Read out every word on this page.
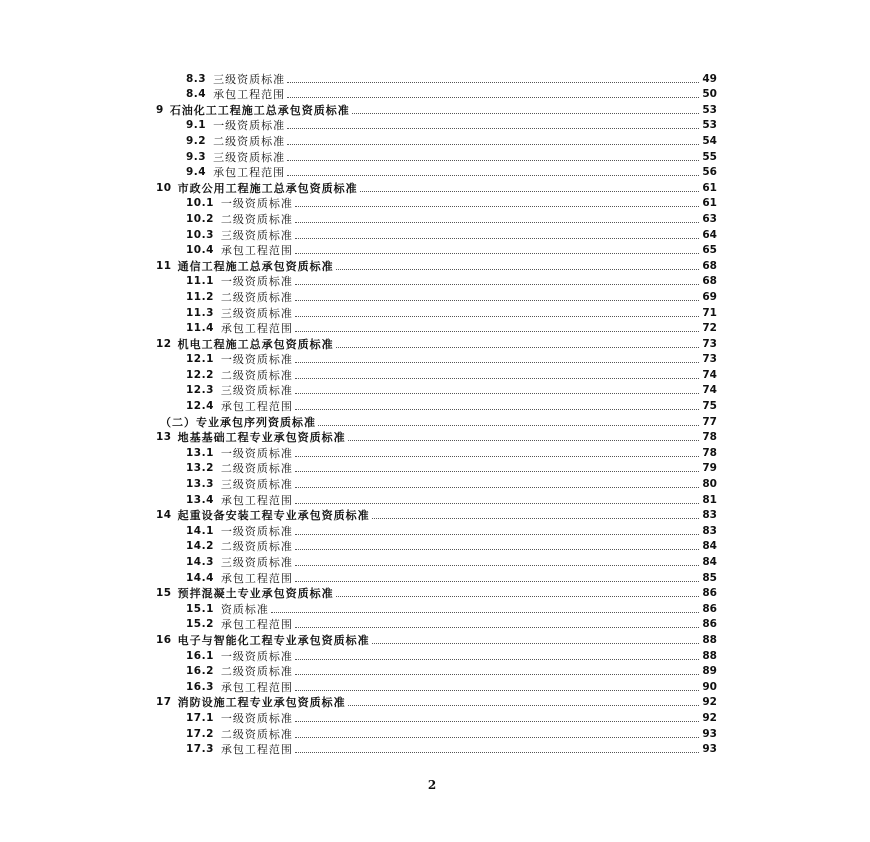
8.3 三级资质标准	49
8.4 承包工程范围	50
9 石油化工工程施工总承包资质标准	53
9.1 一级资质标准	53
9.2 二级资质标准	54
9.3 三级资质标准	55
9.4 承包工程范围	56
10 市政公用工程施工总承包资质标准	61
10.1 一级资质标准	61
10.2 二级资质标准	63
10.3 三级资质标准	64
10.4 承包工程范围	65
11 通信工程施工总承包资质标准	68
11.1 一级资质标准	68
11.2 二级资质标准	69
11.3 三级资质标准	71
11.4 承包工程范围	72
12 机电工程施工总承包资质标准	73
12.1 一级资质标准	73
12.2 二级资质标准	74
12.3 三级资质标准	74
12.4 承包工程范围	75
（二）专业承包序列资质标准	77
13 地基基础工程专业承包资质标准	78
13.1 一级资质标准	78
13.2 二级资质标准	79
13.3 三级资质标准	80
13.4 承包工程范围	81
14 起重设备安装工程专业承包资质标准	83
14.1 一级资质标准	83
14.2 二级资质标准	84
14.3 三级资质标准	84
14.4 承包工程范围	85
15 预拌混凝土专业承包资质标准	86
15.1 资质标准	86
15.2 承包工程范围	86
16 电子与智能化工程专业承包资质标准	88
16.1 一级资质标准	88
16.2 二级资质标准	89
16.3 承包工程范围	90
17 消防设施工程专业承包资质标准	92
17.1 一级资质标准	92
17.2 二级资质标准	93
17.3 承包工程范围	93
2
